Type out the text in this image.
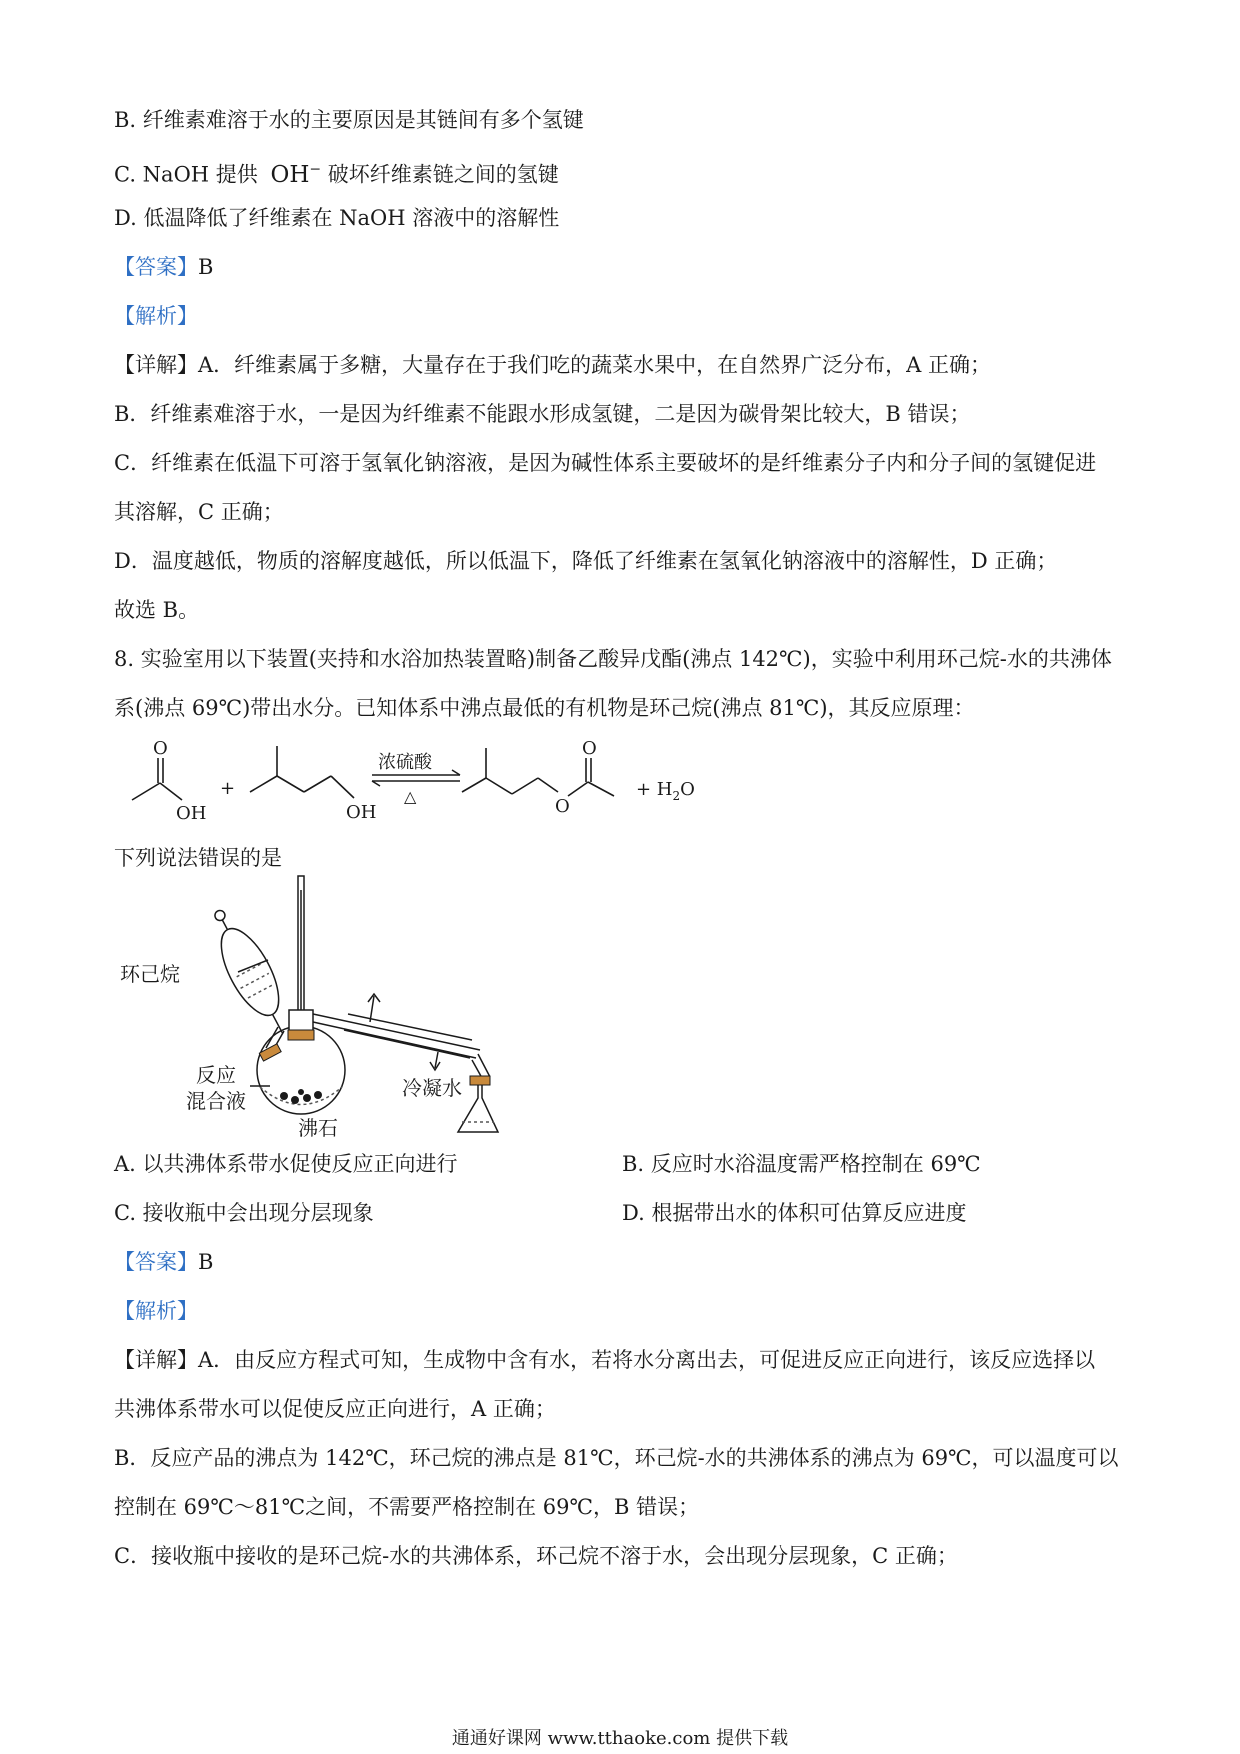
B. 纤维素难溶于水的主要原因是其链间有多个氢键
C. NaOH 提供 OH− 破坏纤维素链之间的氢键
D. 低温降低了纤维素在 NaOH 溶液中的溶解性
【答案】B
【解析】
【详解】A．纤维素属于多糖，大量存在于我们吃的蔬菜水果中，在自然界广泛分布，A 正确；
B．纤维素难溶于水，一是因为纤维素不能跟水形成氢键，二是因为碳骨架比较大，B 错误；
C．纤维素在低温下可溶于氢氧化钠溶液，是因为碱性体系主要破坏的是纤维素分子内和分子间的氢键促进
其溶解，C 正确；
D．温度越低，物质的溶解度越低，所以低温下，降低了纤维素在氢氧化钠溶液中的溶解性，D 正确；
故选 B。
8. 实验室用以下装置(夹持和水浴加热装置略)制备乙酸异戊酯(沸点 142℃)，实验中利用环己烷-水的共沸体
系(沸点 69℃)带出水分。已知体系中沸点最低的有机物是环己烷(沸点 81℃)，其反应原理：
O
OH
+
OH
浓硫酸
△
O
O
+ $H_2O$
下列说法错误的是
环己烷
反应
混合液
沸石
冷凝水
A. 以共沸体系带水促使反应正向进行	B. 反应时水浴温度需严格控制在 69℃
C. 接收瓶中会出现分层现象	D. 根据带出水的体积可估算反应进度
【答案】B
【解析】
【详解】A．由反应方程式可知，生成物中含有水，若将水分离出去，可促进反应正向进行，该反应选择以
共沸体系带水可以促使反应正向进行，A 正确；
B．反应产品的沸点为 142℃，环己烷的沸点是 81℃，环己烷-水的共沸体系的沸点为 69℃，可以温度可以
控制在 69℃～81℃之间，不需要严格控制在 69℃，B 错误；
C．接收瓶中接收的是环己烷-水的共沸体系，环己烷不溶于水，会出现分层现象，C 正确；
通通好课网 www.tthaoke.com 提供下载
